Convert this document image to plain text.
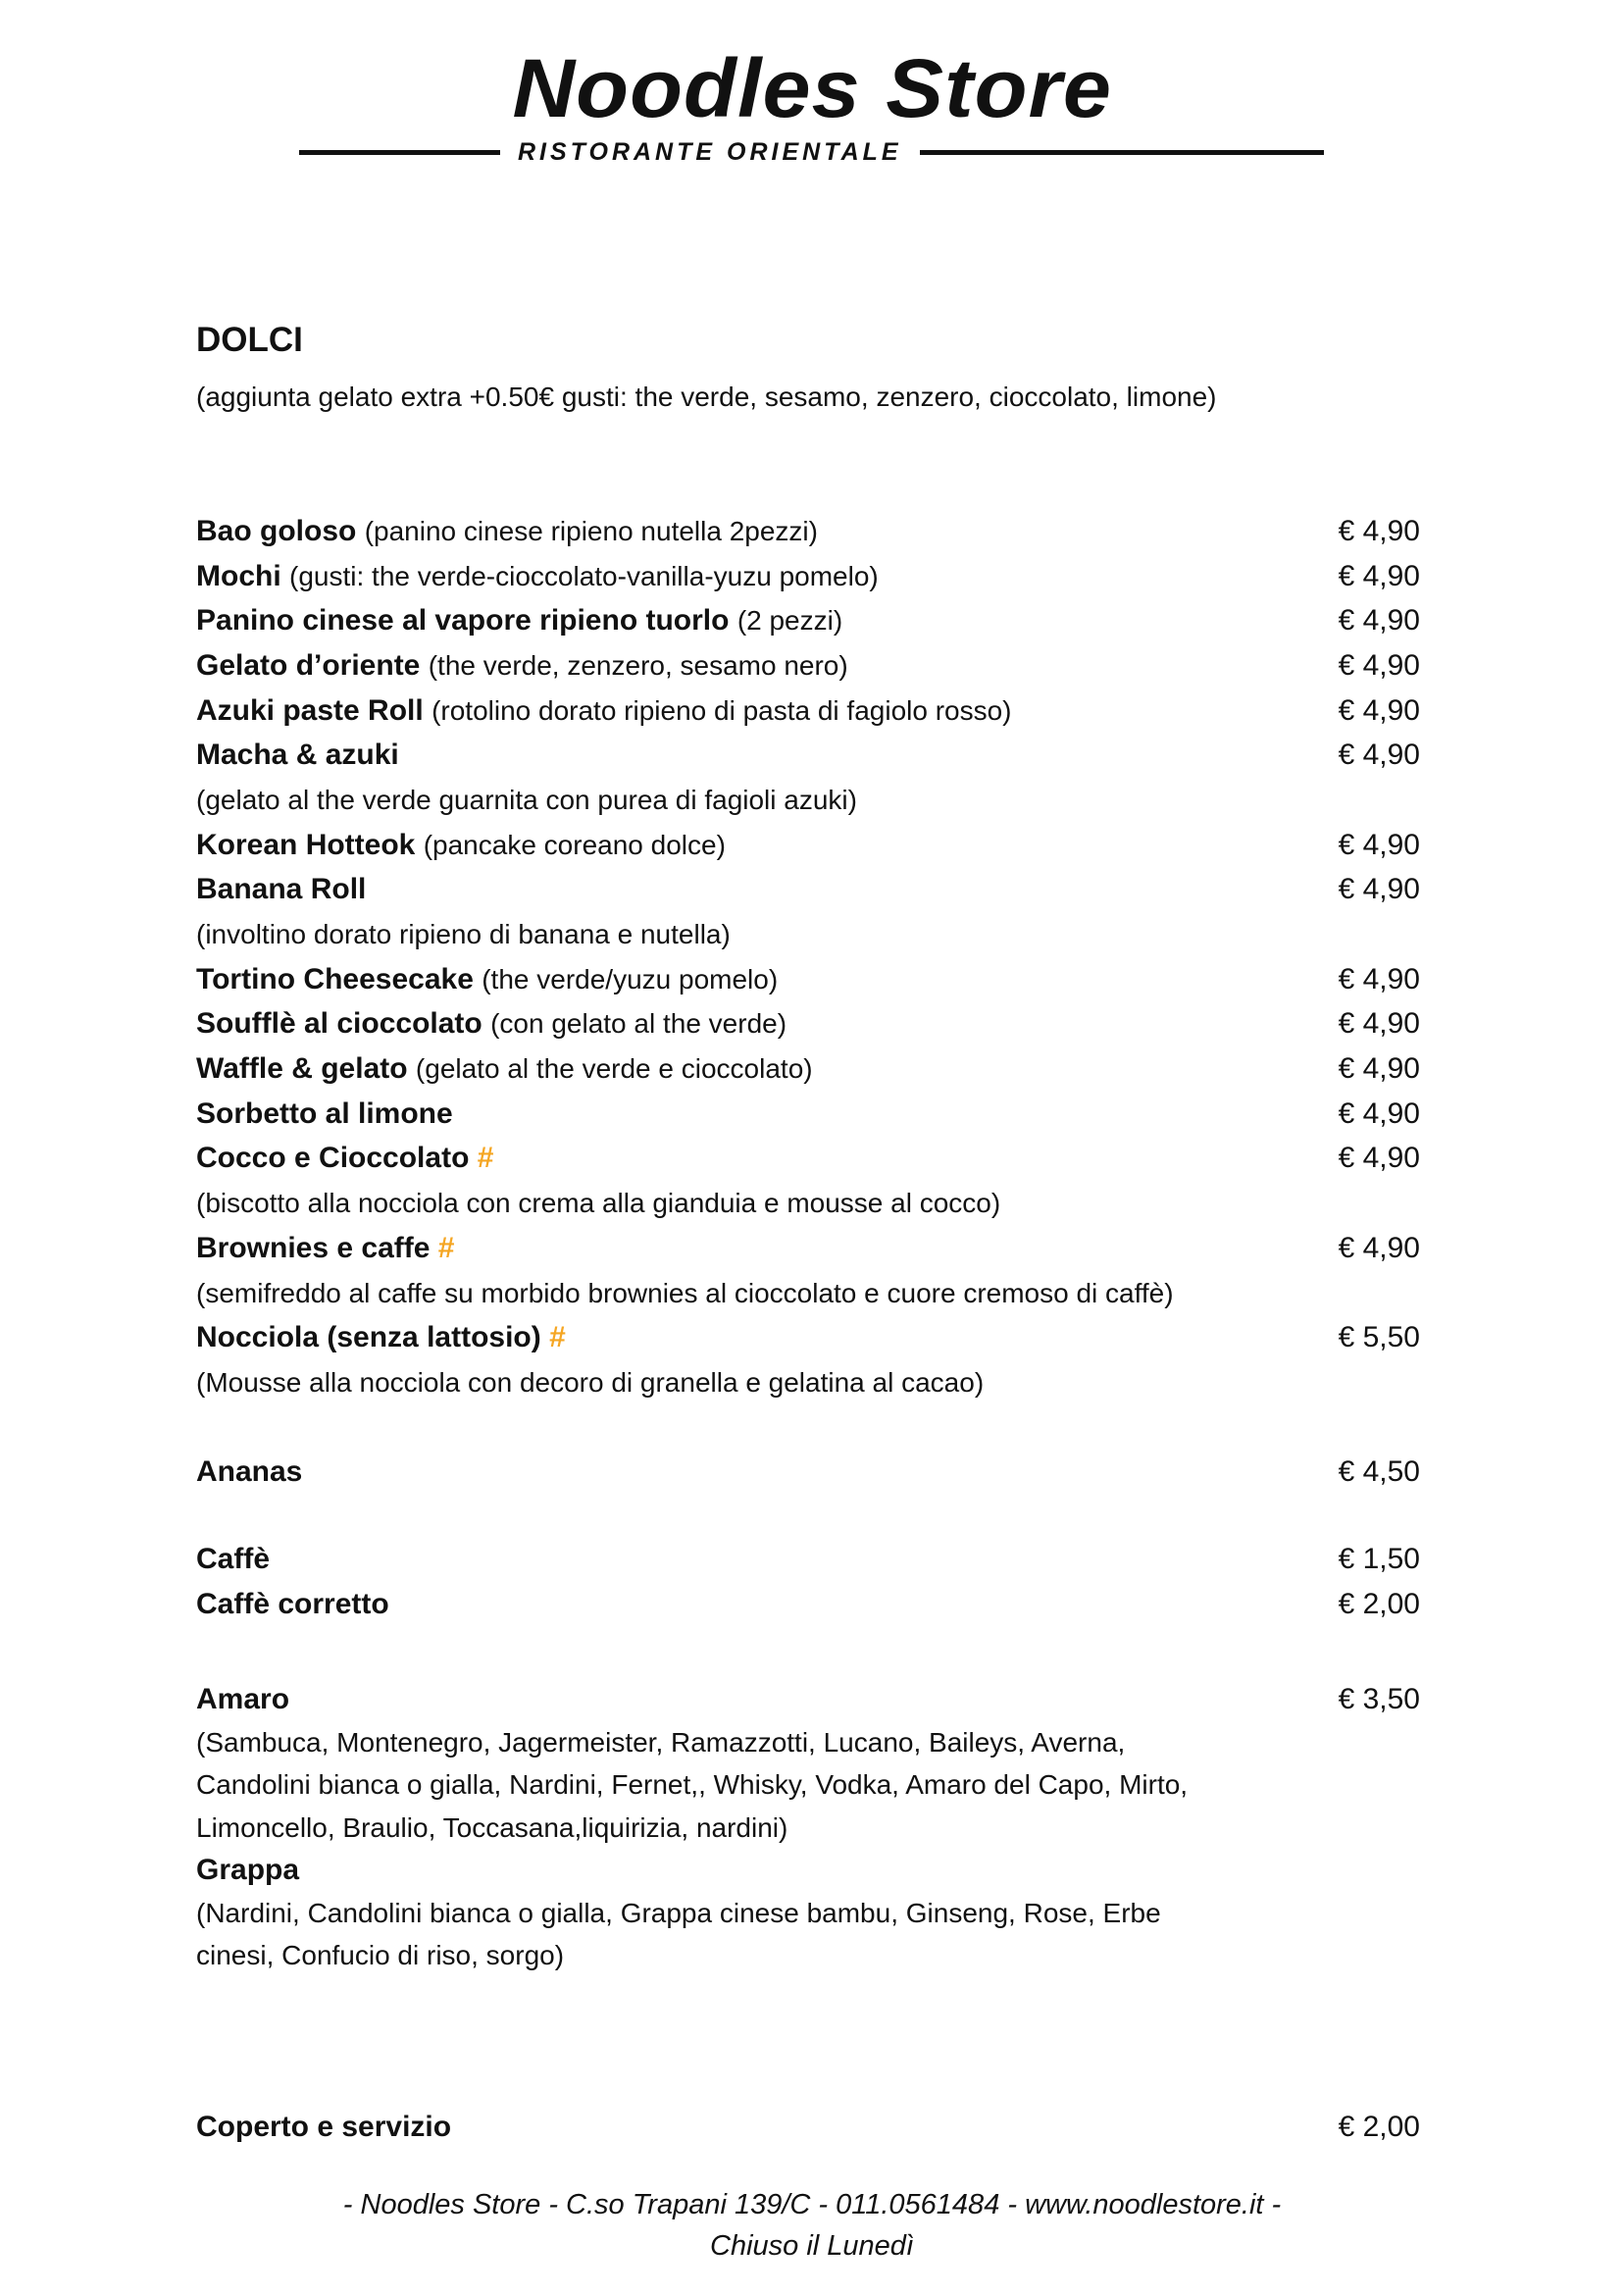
Noodles Store
RISTORANTE ORIENTALE
DOLCI
(aggiunta gelato extra +0.50€ gusti: the verde, sesamo, zenzero, cioccolato, limone)
Bao goloso (panino cinese ripieno nutella 2pezzi)	€ 4,90
Mochi (gusti: the verde-cioccolato-vanilla-yuzu pomelo)	€ 4,90
Panino cinese al vapore ripieno tuorlo (2 pezzi)	€ 4,90
Gelato d’oriente (the verde, zenzero, sesamo nero)	€ 4,90
Azuki paste Roll (rotolino dorato ripieno di pasta di fagiolo rosso)	€ 4,90
Macha & azuki	€ 4,90
(gelato al the verde guarnita con purea di fagioli azuki)
Korean Hotteok (pancake coreano dolce)	€ 4,90
Banana Roll	€ 4,90
(involtino dorato ripieno di banana e nutella)
Tortino Cheesecake (the verde/yuzu pomelo)	€ 4,90
Soufflè al cioccolato (con gelato al the verde)	€ 4,90
Waffle & gelato (gelato al the verde e cioccolato)	€ 4,90
Sorbetto al limone	€ 4,90
Cocco e Cioccolato #	€ 4,90
(biscotto alla nocciola con crema alla gianduia e mousse al cocco)
Brownies e caffe #	€ 4,90
(semifreddo al caffe su morbido brownies al cioccolato e cuore cremoso di caffè)
Nocciola (senza lattosio) #	€ 5,50
(Mousse alla nocciola con decoro di granella e gelatina al cacao)
Ananas	€ 4,50
Caffè	€ 1,50
Caffè corretto	€ 2,00
Amaro	€ 3,50
(Sambuca, Montenegro, Jagermeister, Ramazzotti, Lucano, Baileys, Averna,
Candolini bianca o gialla, Nardini, Fernet,, Whisky, Vodka, Amaro del Capo, Mirto,
Limoncello, Braulio, Toccasana,liquirizia, nardini)
Grappa
(Nardini, Candolini bianca o gialla, Grappa cinese bambu, Ginseng, Rose, Erbe
cinesi, Confucio di riso, sorgo)
Coperto e servizio	€ 2,00
- Noodles Store - C.so Trapani 139/C - 011.0561484 - www.noodlestore.it -
Chiuso il Lunedì
